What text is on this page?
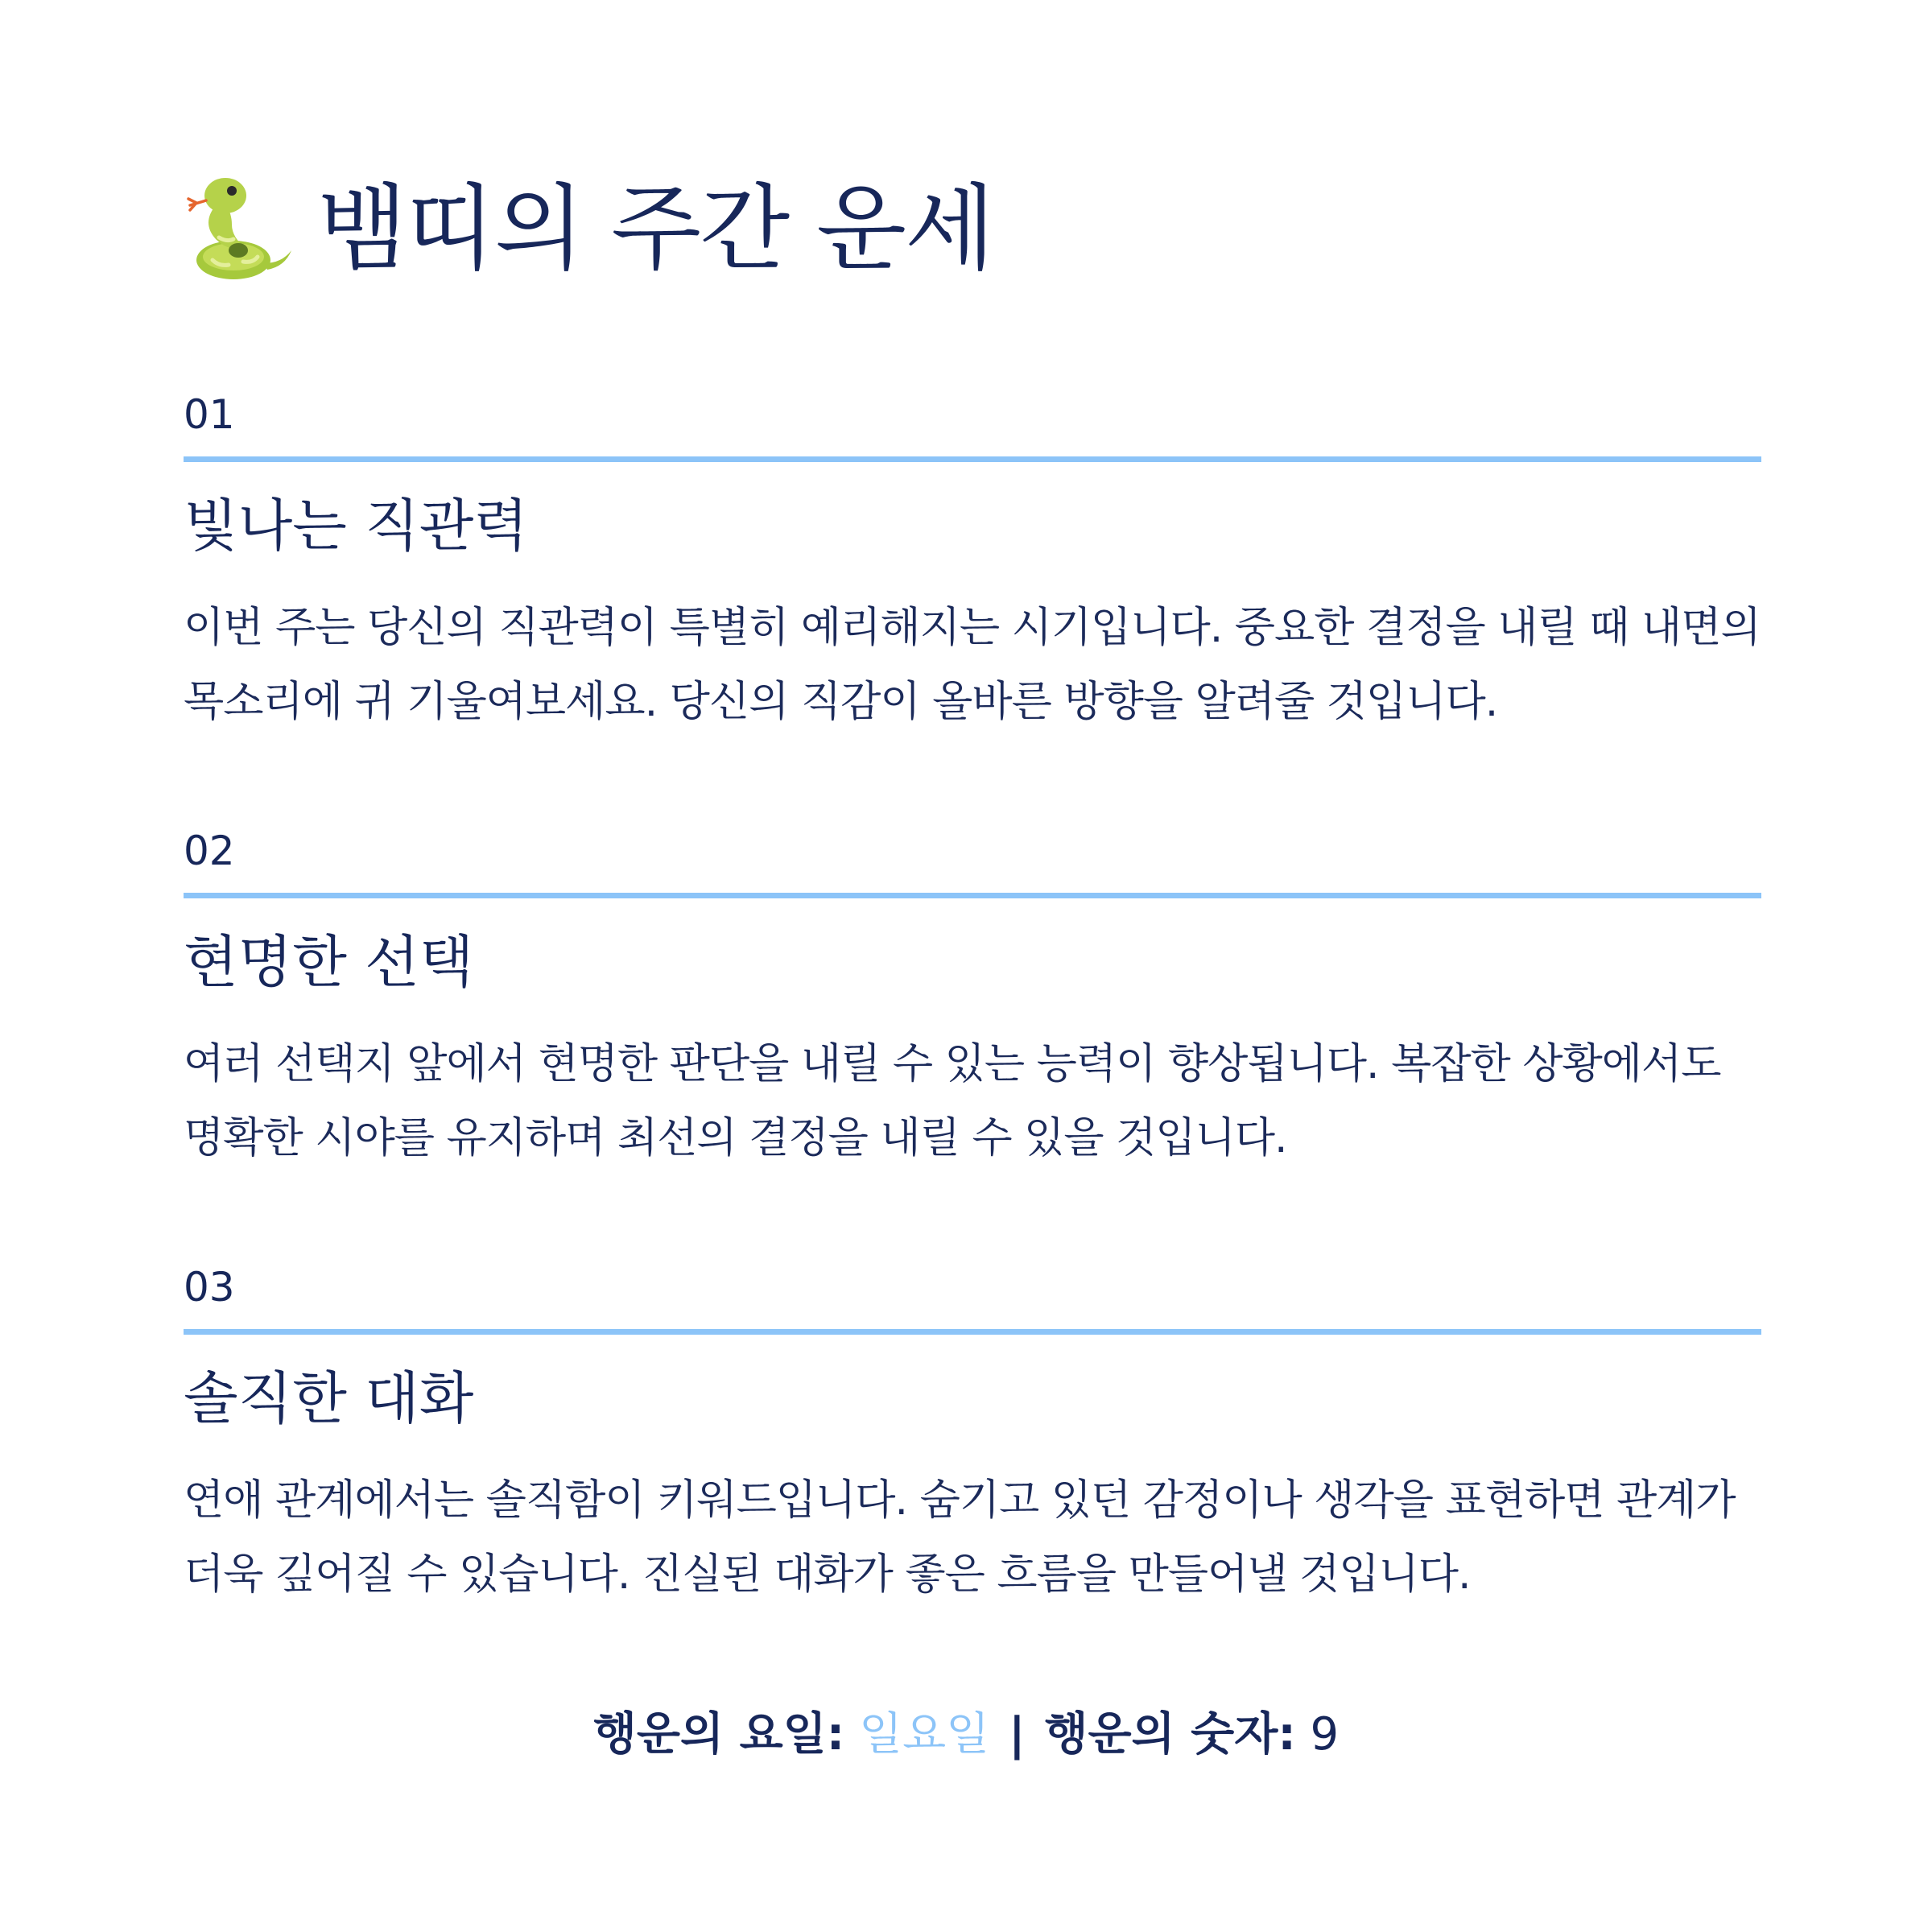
뱀띠의 주간 운세
01
빛나는 직관력
이번 주는 당신의 직관력이 특별히 예리해지는 시기입니다. 중요한 결정을 내릴 때 내면의 목소리에 귀 기울여보세요. 당신의 직감이 올바른 방향을 알려줄 것입니다.
02
현명한 선택
여러 선택지 앞에서 현명한 판단을 내릴 수 있는 능력이 향상됩니다. 복잡한 상황에서도 명확한 시야를 유지하며 최선의 결정을 내릴 수 있을 것입니다.
03
솔직한 대화
연애 관계에서는 솔직함이 키워드입니다. 숨기고 있던 감정이나 생각을 표현하면 관계가 더욱 깊어질 수 있습니다. 진실된 대화가 좋은 흐름을 만들어낼 것입니다.
행운의 요일: 일요일 | 행운의 숫자: 9
